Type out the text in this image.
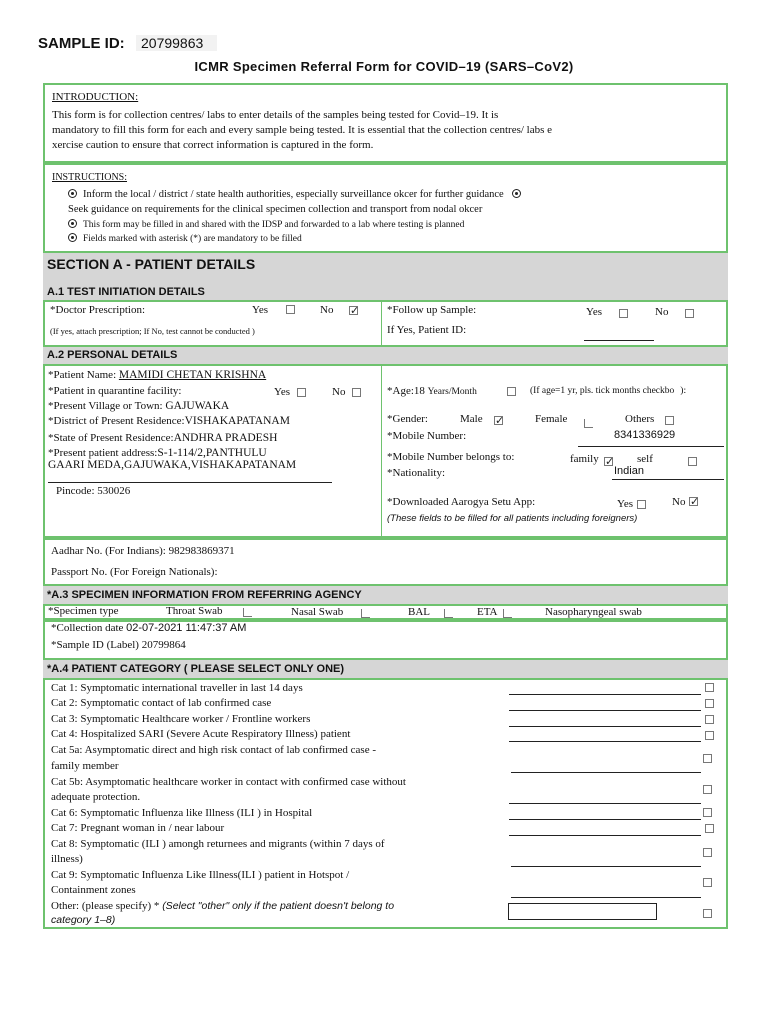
SAMPLE ID:	20799863
ICMR Specimen Referral Form for COVID–19 (SARS–CoV2)
INTRODUCTION:
This form is for collection centres/ labs to enter details of the samples being tested for Covid–19. It is
mandatory to fill this form for each and every sample being tested. It is essential that the collection centres/ labs e
xercise caution to ensure that correct information is captured in the form.
INSTRUCTIONS:
Inform the local / district / state health authorities, especially surveillance okcer for further guidance
Seek guidance on requirements for the clinical specimen collection and transport from nodal okcer
This form may be filled in and shared with the IDSP and forwarded to a lab where testing is planned
Fields marked with asterisk (*) are mandatory to be filled
SECTION A - PATIENT DETAILS
A.1 TEST INITIATION DETAILS
*Doctor Prescription:	Yes	No ✓
(If yes, attach prescription; If No, test cannot be conducted )
*Follow up Sample:	Yes	No
If Yes, Patient ID:
A.2 PERSONAL DETAILS
*Patient Name: MAMIDI CHETAN KRISHNA
*Patient in quarantine facility:	Yes	No
*Present Village or Town: GAJUWAKA
*District of Present Residence:VISHAKAPATANAM
*State of Present Residence:ANDHRA PRADESH
*Present patient address:S-1-114/2,PANTHULU
GAARI MEDA,GAJUWAKA,VISHAKAPATANAM
Pincode: 530026
*Age:18 Years/Month	(If age=1 yr, pls. tick months checkbo ):
*Gender:	Male ✓	Female	Others
*Mobile Number:	8341336929
*Mobile Number belongs to:	family ✓ self
*Nationality:	Indian
*Downloaded Aarogya Setu App:	Yes	No ✓
(These fields to be filled for all patients including foreigners)
Aadhar No. (For Indians): 982983869371
Passport No. (For Foreign Nationals):
*A.3 SPECIMEN INFORMATION FROM REFERRING AGENCY
*Specimen type	Throat Swab	Nasal Swab	BAL	ETA	Nasopharyngeal swab
*Collection date 02-07-2021 11:47:37 AM
*Sample ID (Label) 20799864
*A.4 PATIENT CATEGORY ( PLEASE SELECT ONLY ONE)
Cat 1: Symptomatic international traveller in last 14 days
Cat 2: Symptomatic contact of lab confirmed case
Cat 3: Symptomatic Healthcare worker / Frontline workers
Cat 4: Hospitalized SARI (Severe Acute Respiratory Illness) patient
Cat 5a: Asymptomatic direct and high risk contact of lab confirmed case -
family member
Cat 5b: Asymptomatic healthcare worker in contact with confirmed case without
adequate protection.
Cat 6: Symptomatic Influenza like Illness (ILI ) in Hospital
Cat 7: Pregnant woman in / near labour
Cat 8: Symptomatic (ILI ) amongh returnees and migrants (within 7 days of
illness)
Cat 9: Symptomatic Influenza Like Illness(ILI ) patient in Hotspot /
Containment zones
Other: (please specify) * (Select "other" only if the patient doesn't belong to
category 1–8)
